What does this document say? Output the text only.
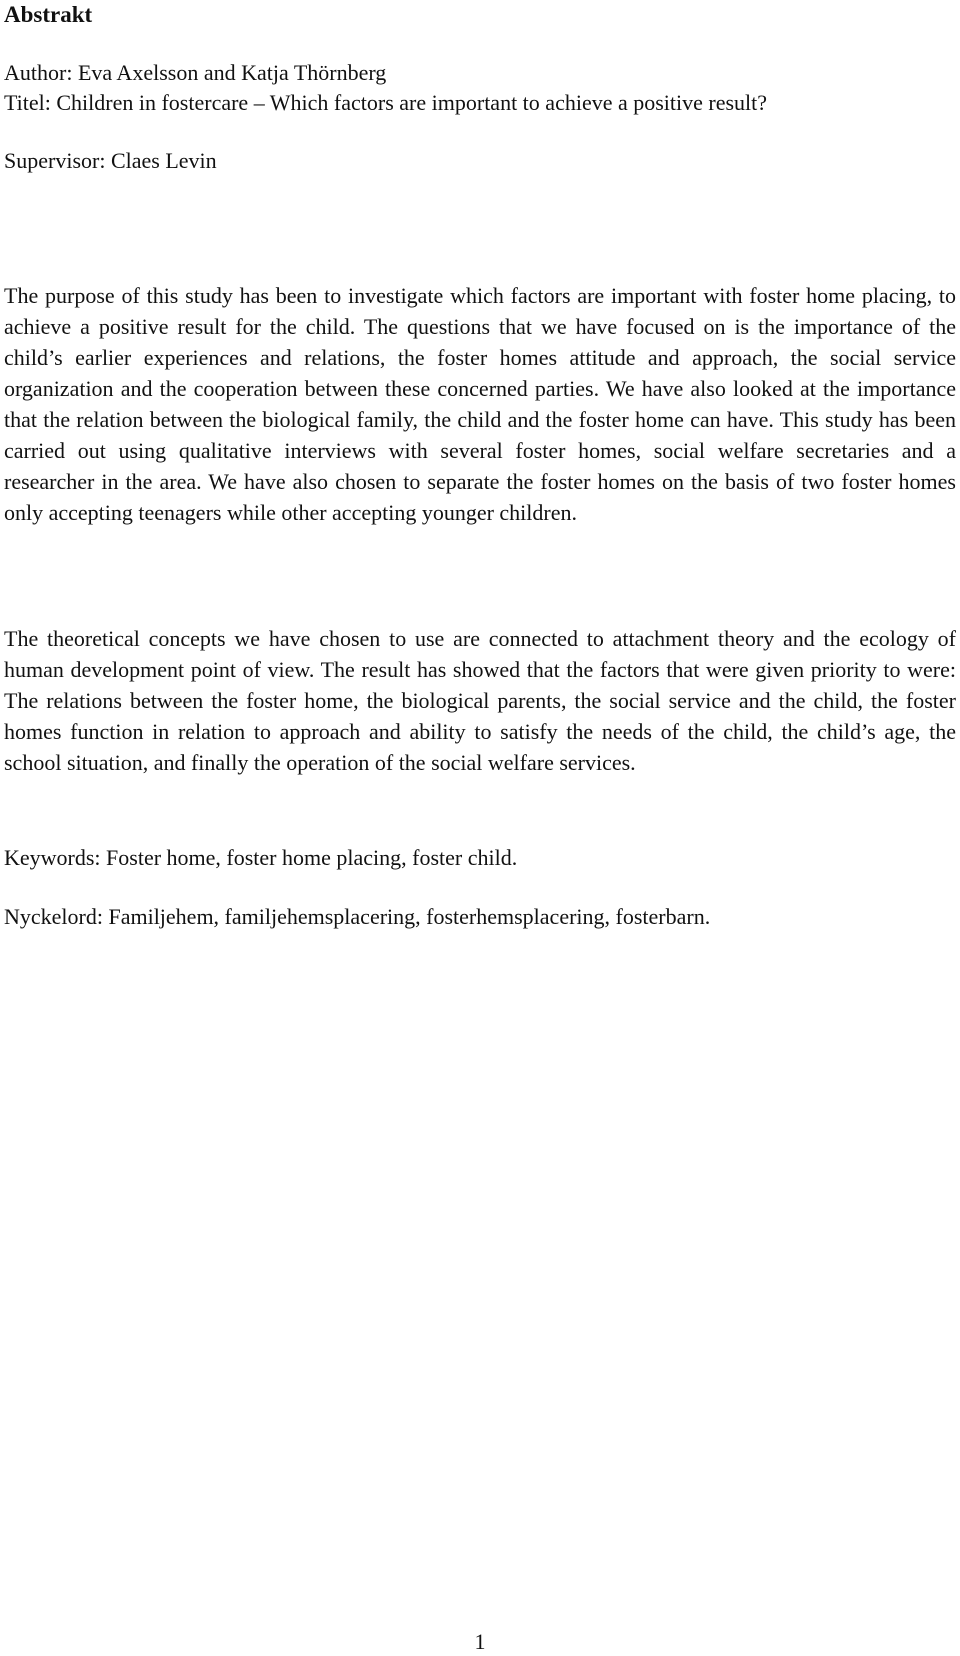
Abstrakt

Author: Eva Axelsson and Katja Thörnberg

Titel: Children in fostercare – Which factors are important to achieve a positive result?

Supervisor: Claes Levin

The purpose of this study has been to investigate which factors are important with foster home placing, to achieve a positive result for the child. The questions that we have focused on is the importance of the child’s earlier experiences and relations, the foster homes attitude and approach, the social service organization and the cooperation between these concerned parties. We have also looked at the importance that the relation between the biological family, the child and the foster home can have. This study has been carried out using qualitative interviews with several foster homes, social welfare secretaries and a researcher in the area. We have also chosen to separate the foster homes on the basis of two foster homes only accepting teenagers while other accepting younger children.

The theoretical concepts we have chosen to use are connected to attachment theory and the ecology of human development point of view. The result has showed that the factors that were given priority to were: The relations between the foster home, the biological parents, the social service and the child, the foster homes function in relation to approach and ability to satisfy the needs of the child, the child’s age, the school situation, and finally the operation of the social welfare services.

Keywords: Foster home, foster home placing, foster child.

Nyckelord: Familjehem, familjehemsplacering, fosterhemsplacering, fosterbarn.

1
